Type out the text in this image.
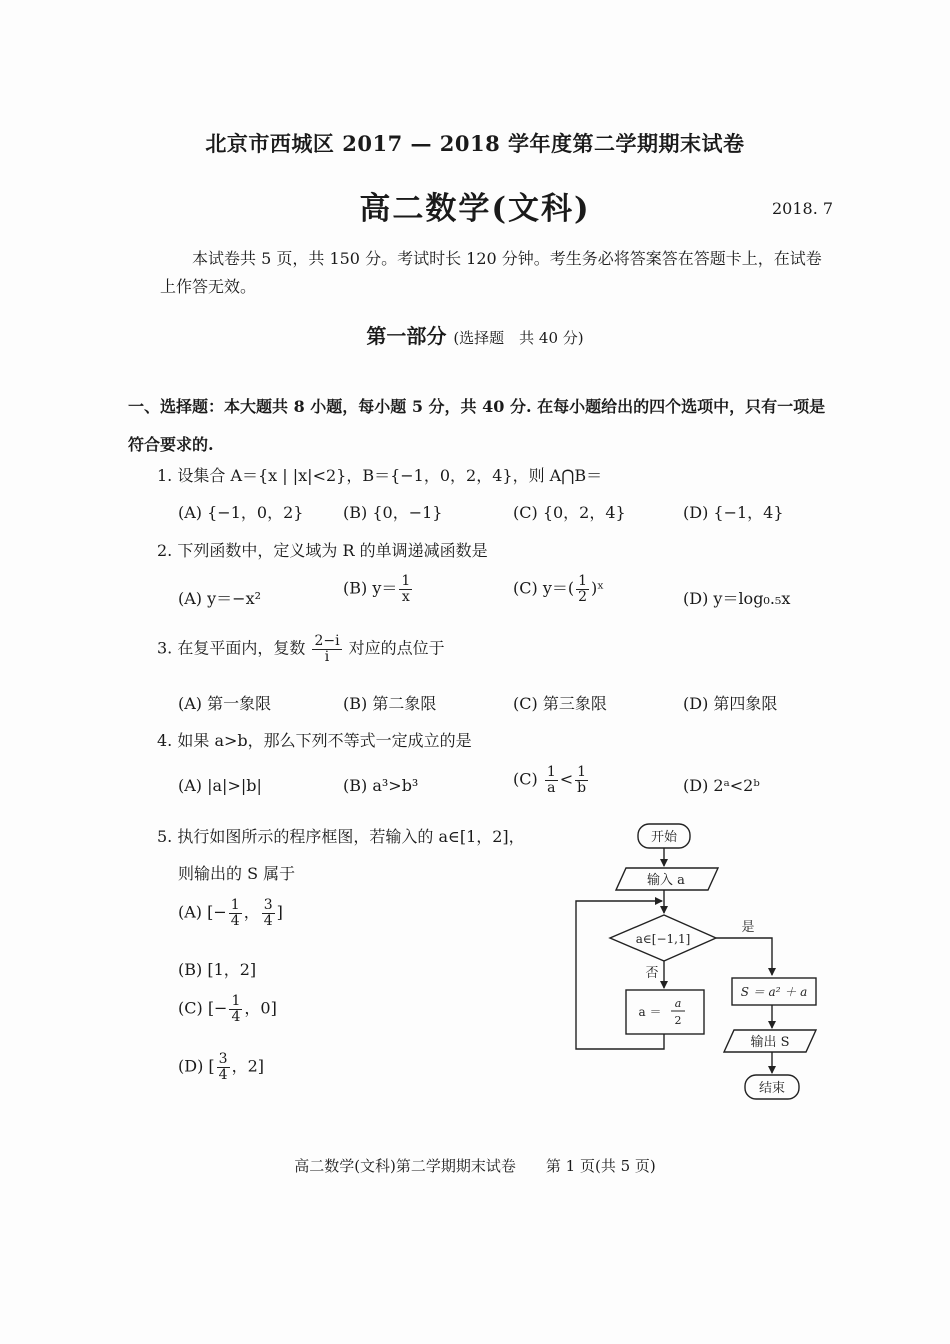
北京市西城区 2017 — 2018 学年度第二学期期末试卷
高二数学(文科)	2018. 7
本试卷共 5 页，共 150 分。考试时长 120 分钟。考生务必将答案答在答题卡上，在试卷上作答无效。
第一部分 (选择题　共 40 分)
一、选择题：本大题共 8 小题，每小题 5 分，共 40 分. 在每小题给出的四个选项中，只有一项是符合要求的.
1. 设集合 A＝{x | |x|<2}，B＝{−1，0，2，4}，则 A⋂B＝
(A) {−1，0，2} (B) {0，−1}	(C) {0，2，4}	(D) {−1，4}
2. 下列函数中，定义域为 R 的单调递减函数是
(A) y＝−x²
(B) $y= \frac{1}{x}$	(C) $y=( \frac{1}{2}$ )ˣ
(D) y＝log₀.₅x
3. 在复平面内，复数 $\frac{2-i}{i}$ 对应的点位于
(A) 第一象限	(B) 第二象限	(C) 第三象限	(D) 第四象限
4. 如果 a>b，那么下列不等式一定成立的是
(A) |a|>|b|	(B) a³>b³	$(C) \frac{1}{a} < \frac{1}{b}$	(D) 2ᵃ<2ᵇ
5. 执行如图所示的程序框图，若输入的 a∈[1，2]，
则输出的 S 属于
(A) [− $\frac{1}{4}$ ， $\frac{3}{4}$ ]
(B) [1，2]
(C) [− $\frac{1}{4}$ ，0]
(D) [ $\frac{3}{4}$ ，2]
开始
输入 a
a∈[−1,1]
是
否
a ＝
a
2
S ＝ a² ＋ a
输出 S
结束
高二数学(文科)第二学期期末试卷　　第 1 页(共 5 页)
